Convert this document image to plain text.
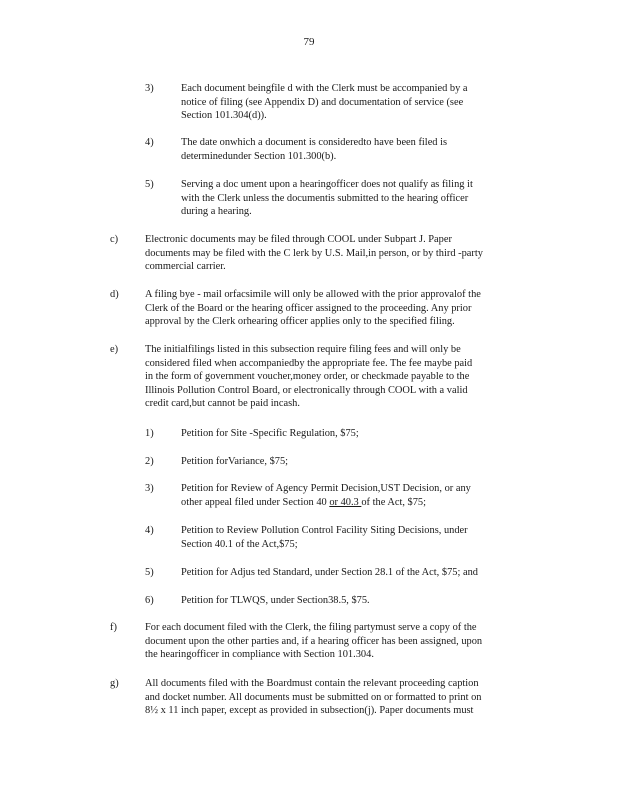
79
3)	Each document beingfile d with the Clerk must be accompanied by a
notice of filing (see Appendix D) and documentation of service (see
Section 101.304(d)).
4)	The date onwhich a document is consideredto have been filed is
determinedunder Section 101.300(b).
5)	Serving a doc ument upon a hearingofficer does not qualify as filing it
with the Clerk unless the documentis submitted to the hearing officer
during a hearing.
c)	Electronic documents may be filed through COOL under Subpart J. Paper
documents may be filed with the C lerk by U.S. Mail,in person, or by third -party
commercial carrier.
d)	A filing bye - mail orfacsimile will only be allowed with the prior approvalof the
Clerk of the Board or the hearing officer assigned to the proceeding. Any prior
approval by the Clerk orhearing officer applies only to the specified filing.
e)	The initialfilings listed in this subsection require filing fees and will only be
considered filed when accompaniedby the appropriate fee. The fee maybe paid
in the form of government voucher,money order, or checkmade payable to the
Illinois Pollution Control Board, or electronically through COOL with a valid
credit card,but cannot be paid incash.
1)	Petition for Site -Specific Regulation, $75;
2)	Petition forVariance, $75;
3)	Petition for Review of Agency Permit Decision,UST Decision, or any
other appeal filed under Section 40 or 40.3 of the Act, $75;
4)	Petition to Review Pollution Control Facility Siting Decisions, under
Section 40.1 of the Act,$75;
5)	Petition for Adjus ted Standard, under Section 28.1 of the Act, $75; and
6)	Petition for TLWQS, under Section38.5, $75.
f)	For each document filed with the Clerk, the filing partymust serve a copy of the
document upon the other parties and, if a hearing officer has been assigned, upon
the hearingofficer in compliance with Section 101.304.
g)	All documents filed with the Boardmust contain the relevant proceeding caption
and docket number. All documents must be submitted on or formatted to print on
8½ x 11 inch paper, except as provided in subsection(j). Paper documents must
